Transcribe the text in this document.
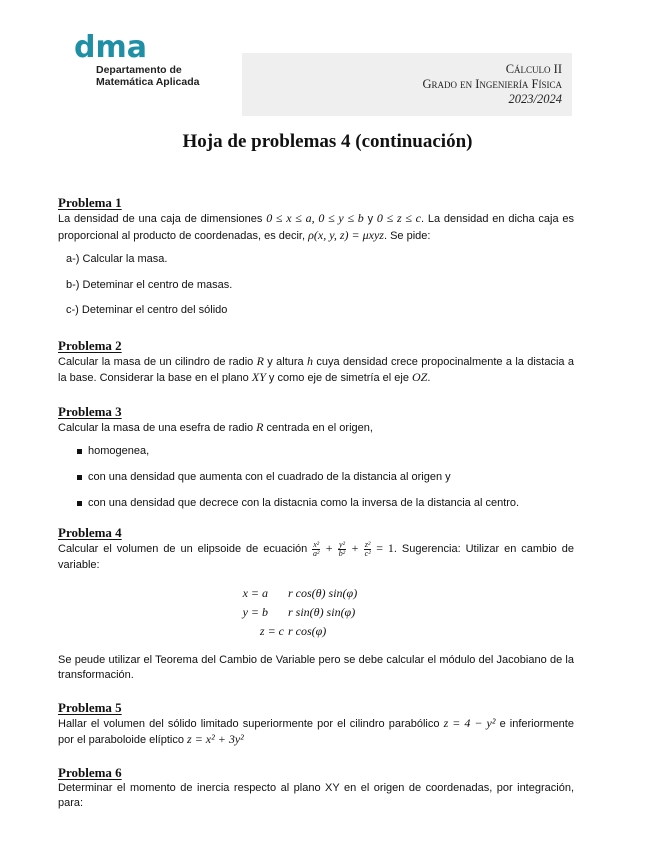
dma
Departamento de
Matemática Aplicada
Cálculo II
Grado en Ingeniería Física
2023/2024
Hoja de problemas 4 (continuación)
Problema 1

La densidad de una caja de dimensiones 0 ≤ x ≤ a, 0 ≤ y ≤ b y 0 ≤ z ≤ c. La densidad en dicha caja es proporcional al producto de coordenadas, es decir, ρ(x, y, z) = μxyz. Se pide:

a-) Calcular la masa.
b-) Deteminar el centro de masas.
c-) Deteminar el centro del sólido
Problema 2

Calcular la masa de un cilindro de radio R y altura h cuya densidad crece propocinalmente a la distacia a la base. Considerar la base en el plano XY y como eje de simetría el eje OZ.

Problema 3

Calcular la masa de una esefra de radio R centrada en el origen,

homogenea,
con una densidad que aumenta con el cuadrado de la distancia al origen y
con una densidad que decrece con la distacnia como la inversa de la distancia al centro.
Problema 4

Calcular el volumen de un elipsoide de ecuación $\frac{\text{x²}}{\text{a²}} + \frac{\text{y²}}{\text{b²}} + \frac{\text{z²}}{\text{c²}} = 1$. Sugerencia: Utilizar en cambio de variable:

x = a r cos(θ) sin(φ)
y = b r sin(θ) sin(φ)
z = c r cos(φ)

Se peude utilizar el Teorema del Cambio de Variable pero se debe calcular el módulo del Jacobiano de la transformación.

Problema 5

Hallar el volumen del sólido limitado superiormente por el cilindro parabólico z = 4 − y² e inferiormente por el paraboloide elíptico z = x² + 3y²

Problema 6

Determinar el momento de inercia respecto al plano XY en el origen de coordenadas, por integración, para:
